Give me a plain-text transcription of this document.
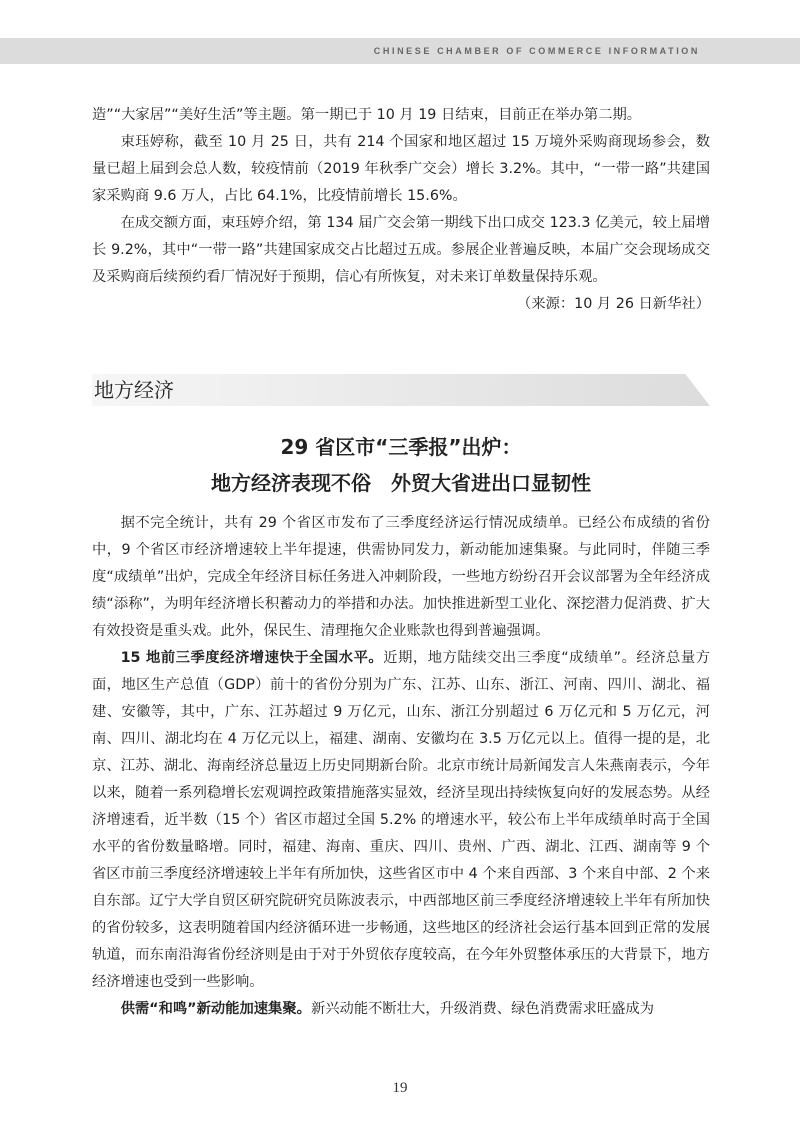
CHINESE CHAMBER OF COMMERCE INFORMATION

造”“大家居”“美好生活”等主题。第一期已于 10 月 19 日结束，目前正在举办第二期。

束珏婷称，截至 10 月 25 日，共有 214 个国家和地区超过 15 万境外采购商现场参会，数量已超上届到会总人数，较疫情前（2019 年秋季广交会）增长 3.2%。其中，“一带一路”共建国家采购商 9.6 万人，占比 64.1%，比疫情前增长 15.6%。

在成交额方面，束珏婷介绍，第 134 届广交会第一期线下出口成交 123.3 亿美元，较上届增长 9.2%，其中“一带一路”共建国家成交占比超过五成。参展企业普遍反映，本届广交会现场成交及采购商后续预约看厂情况好于预期，信心有所恢复，对未来订单数量保持乐观。

（来源：10 月 26 日新华社）

地方经济
29 省区市“三季报”出炉：
地方经济表现不俗　外贸大省进出口显韧性

据不完全统计，共有 29 个省区市发布了三季度经济运行情况成绩单。已经公布成绩的省份中，9 个省区市经济增速较上半年提速，供需协同发力，新动能加速集聚。与此同时，伴随三季度“成绩单”出炉，完成全年经济目标任务进入冲刺阶段，一些地方纷纷召开会议部署为全年经济成绩“添称”，为明年经济增长积蓄动力的举措和办法。加快推进新型工业化、深挖潜力促消费、扩大有效投资是重头戏。此外，保民生、清理拖欠企业账款也得到普遍强调。

15 地前三季度经济增速快于全国水平。近期，地方陆续交出三季度“成绩单”。经济总量方面，地区生产总值（GDP）前十的省份分别为广东、江苏、山东、浙江、河南、四川、湖北、福建、安徽等，其中，广东、江苏超过 9 万亿元，山东、浙江分别超过 6 万亿元和 5 万亿元，河南、四川、湖北均在 4 万亿元以上，福建、湖南、安徽均在 3.5 万亿元以上。值得一提的是，北京、江苏、湖北、海南经济总量迈上历史同期新台阶。北京市统计局新闻发言人朱燕南表示，今年以来，随着一系列稳增长宏观调控政策措施落实显效，经济呈现出持续恢复向好的发展态势。从经济增速看，近半数（15 个）省区市超过全国 5.2% 的增速水平，较公布上半年成绩单时高于全国水平的省份数量略增。同时，福建、海南、重庆、四川、贵州、广西、湖北、江西、湖南等 9 个省区市前三季度经济增速较上半年有所加快，这些省区市中 4 个来自西部、3 个来自中部、2 个来自东部。辽宁大学自贸区研究院研究员陈波表示，中西部地区前三季度经济增速较上半年有所加快的省份较多，这表明随着国内经济循环进一步畅通，这些地区的经济社会运行基本回到正常的发展轨道，而东南沿海省份经济则是由于对于外贸依存度较高，在今年外贸整体承压的大背景下，地方经济增速也受到一些影响。

供需“和鸣”新动能加速集聚。新兴动能不断壮大，升级消费、绿色消费需求旺盛成为

19
